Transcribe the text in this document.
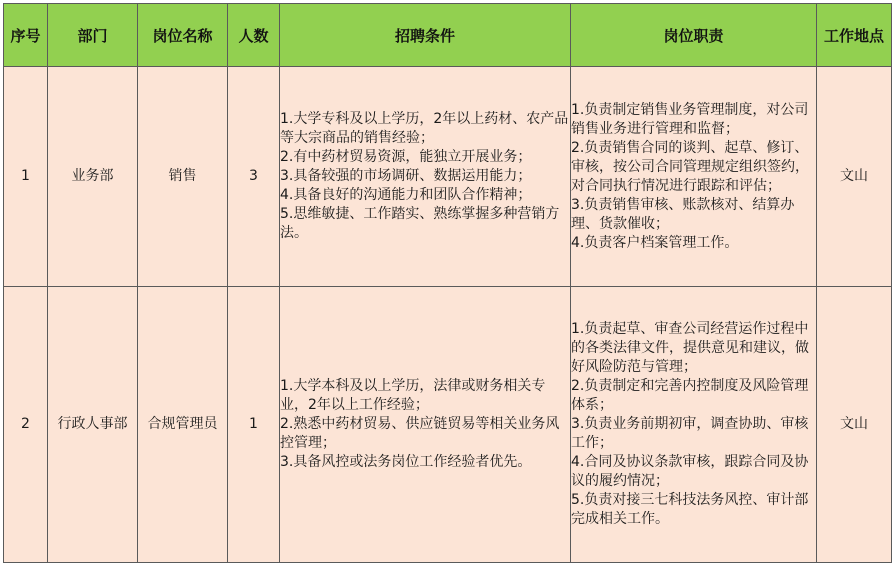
序号	部门	岗位名称	人数	招聘条件	岗位职责	工作地点
1	业务部	销售	3	1.大学专科及以上学历，2年以上药材、农产品等大宗商品的销售经验；
2.有中药材贸易资源，能独立开展业务；
3.具备较强的市场调研、数据运用能力；
4.具备良好的沟通能力和团队合作精神；
5.思维敏捷、工作踏实、熟练掌握多种营销方法。	1.负责制定销售业务管理制度，对公司销售业务进行管理和监督；
2.负责销售合同的谈判、起草、修订、审核，按公司合同管理规定组织签约，对合同执行情况进行跟踪和评估；
3.负责销售审核、账款核对、结算办理、货款催收；
4.负责客户档案管理工作。	文山
2	行政人事部	合规管理员	1	1.大学本科及以上学历，法律或财务相关专业，2年以上工作经验；
2.熟悉中药材贸易、供应链贸易等相关业务风控管理；
3.具备风控或法务岗位工作经验者优先。	1.负责起草、审查公司经营运作过程中的各类法律文件，提供意见和建议，做好风险防范与管理；
2.负责制定和完善内控制度及风险管理体系；
3.负责业务前期初审，调查协助、审核工作；
4.合同及协议条款审核，跟踪合同及协议的履约情况；
5.负责对接三七科技法务风控、审计部完成相关工作。	文山
